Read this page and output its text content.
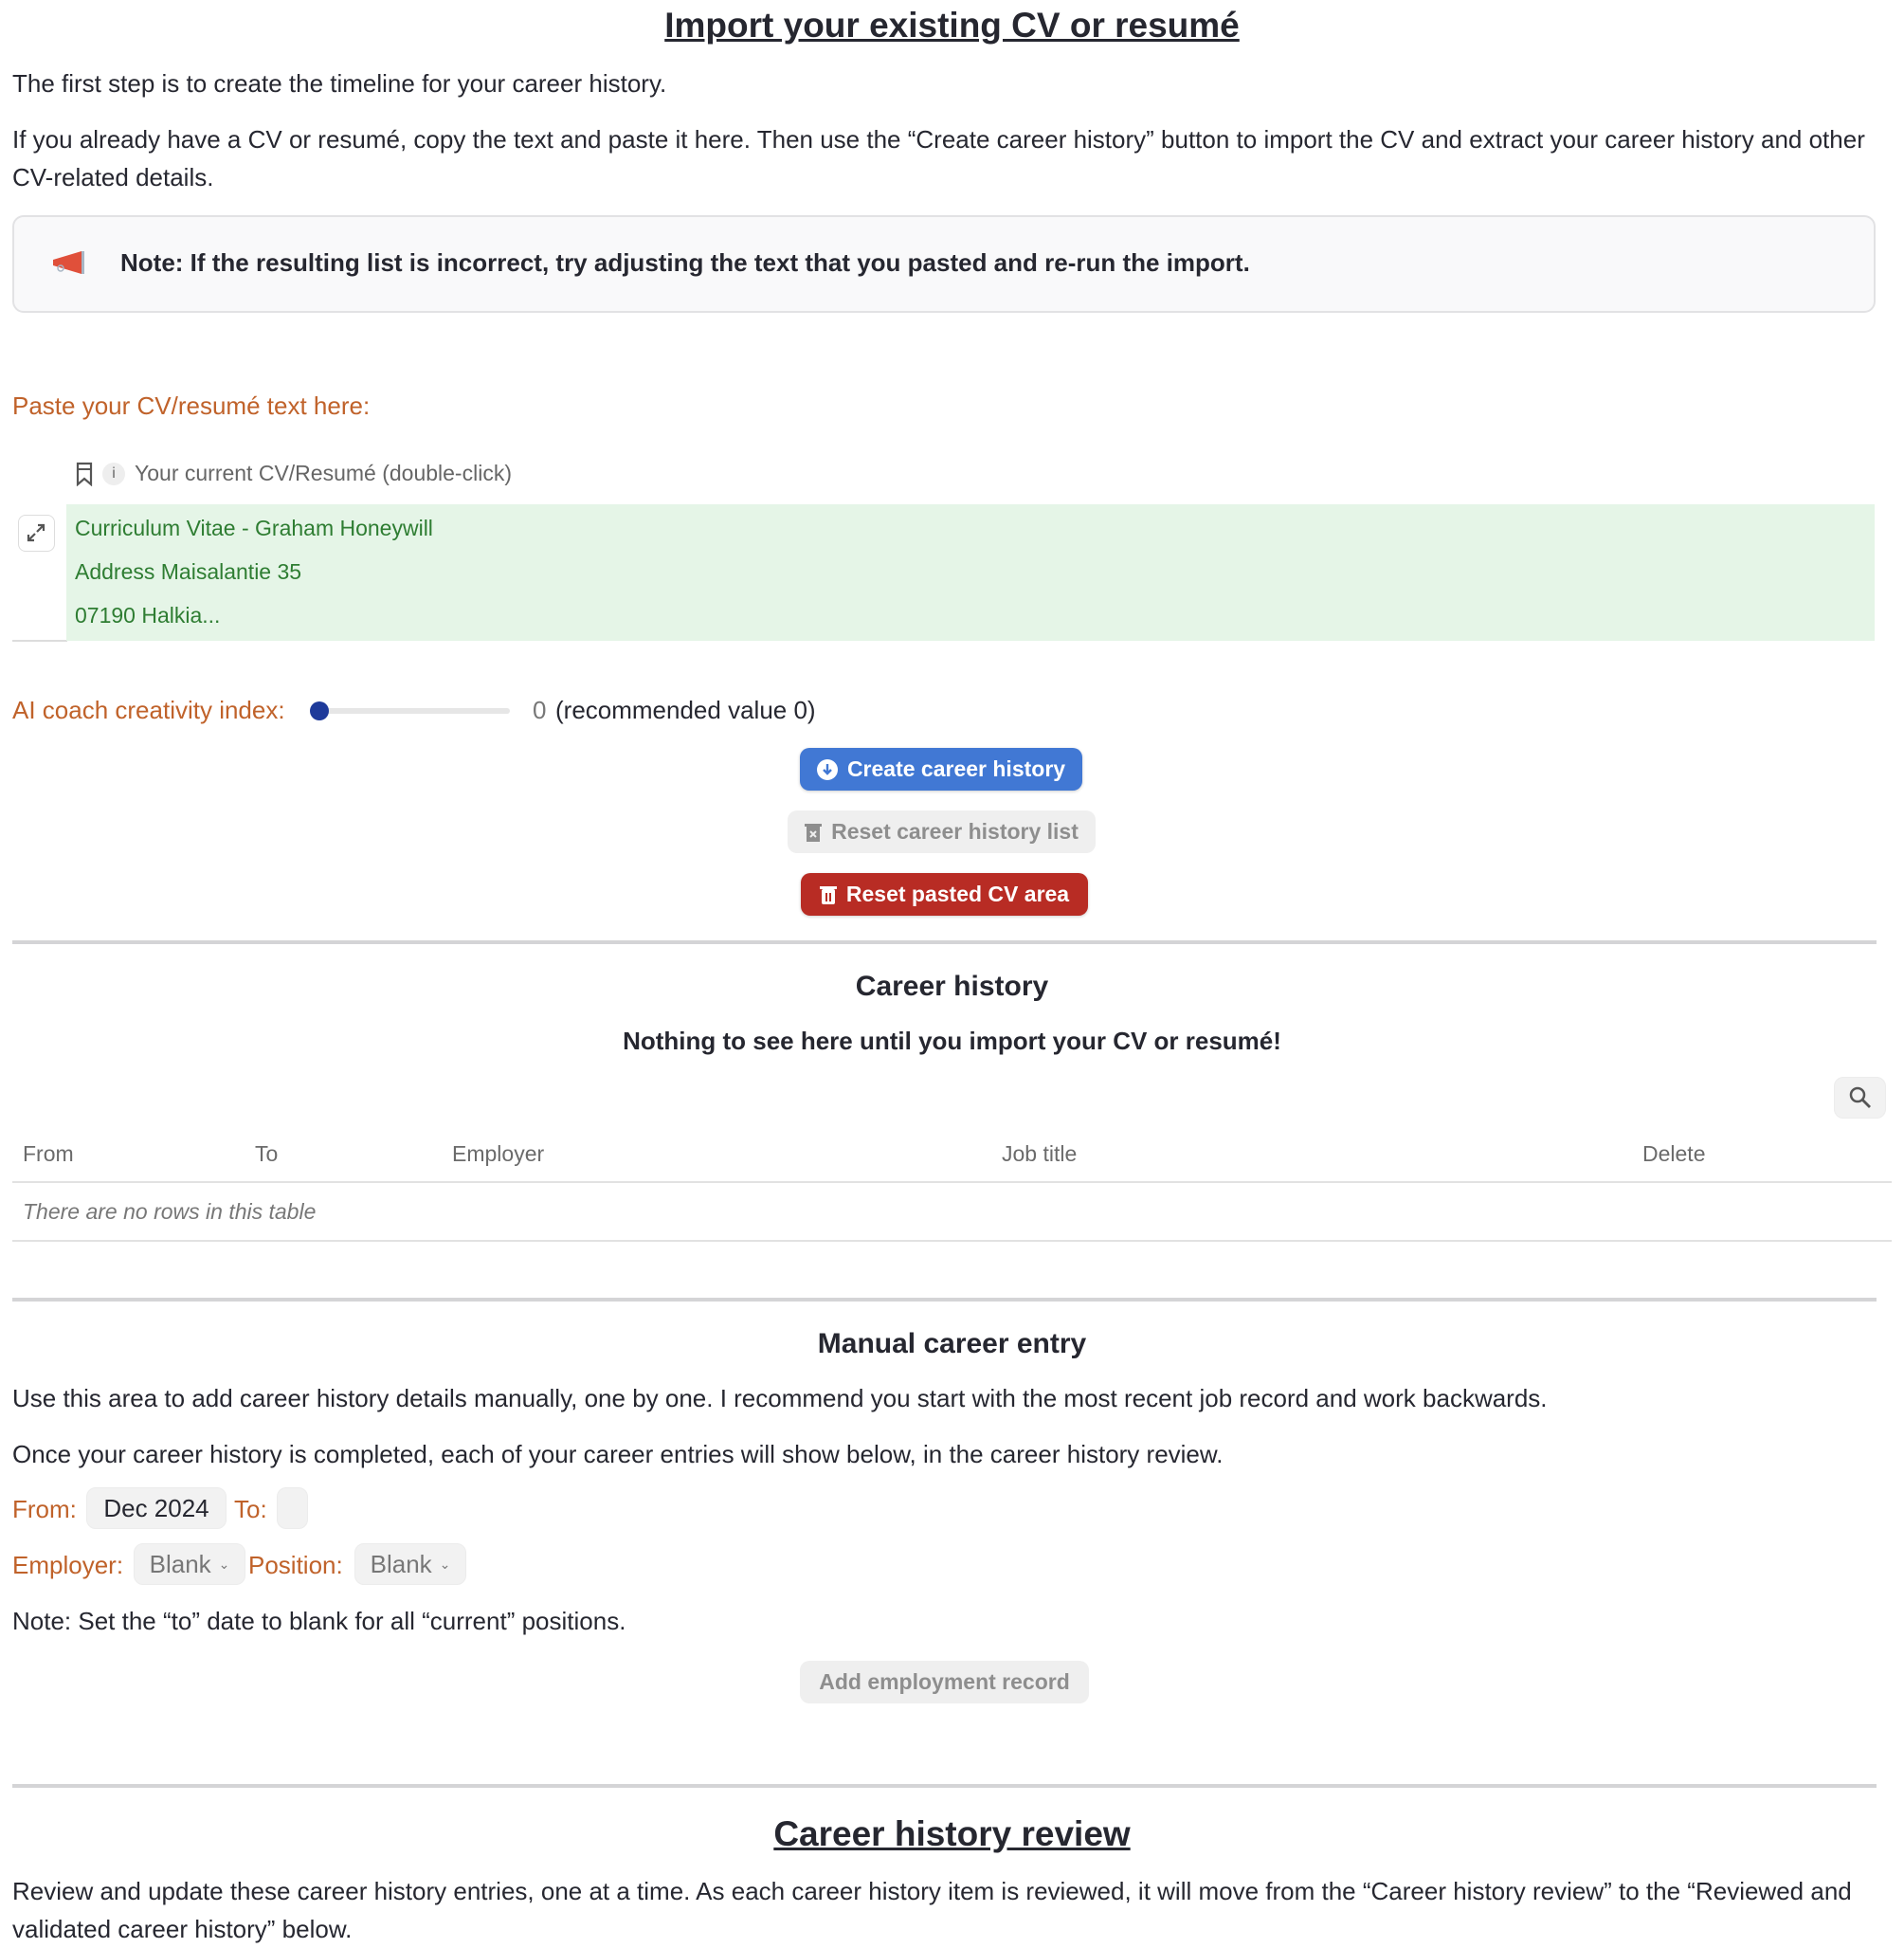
Import your existing CV or resumé
The first step is to create the timeline for your career history.
If you already have a CV or resumé, copy the text and paste it here. Then use the “Create career history” button to import the CV and extract your career history and other CV-related details.
Note: If the resulting list is incorrect, try adjusting the text that you pasted and re-run the import.
Paste your CV/resumé text here:
i Your current CV/Resumé (double-click)
Curriculum Vitae - Graham Honeywill
Address Maisalantie 35
07190 Halkia...
AI coach creativity index:	0 (recommended value 0)
Create career history
Reset career history list
Reset pasted CV area
Career history
Nothing to see here until you import your CV or resumé!
From	To	Employer	Job title	Delete
There are no rows in this table
Manual career entry
Use this area to add career history details manually, one by one. I recommend you start with the most recent job record and work backwards.
Once your career history is completed, each of your career entries will show below, in the career history review.
From: Dec 2024 To:
Employer: Blank ⌄ Position: Blank ⌄
Note: Set the “to” date to blank for all “current” positions.
Add employment record
Career history review
Review and update these career history entries, one at a time. As each career history item is reviewed, it will move from the “Career history review” to the “Reviewed and validated career history” below.
